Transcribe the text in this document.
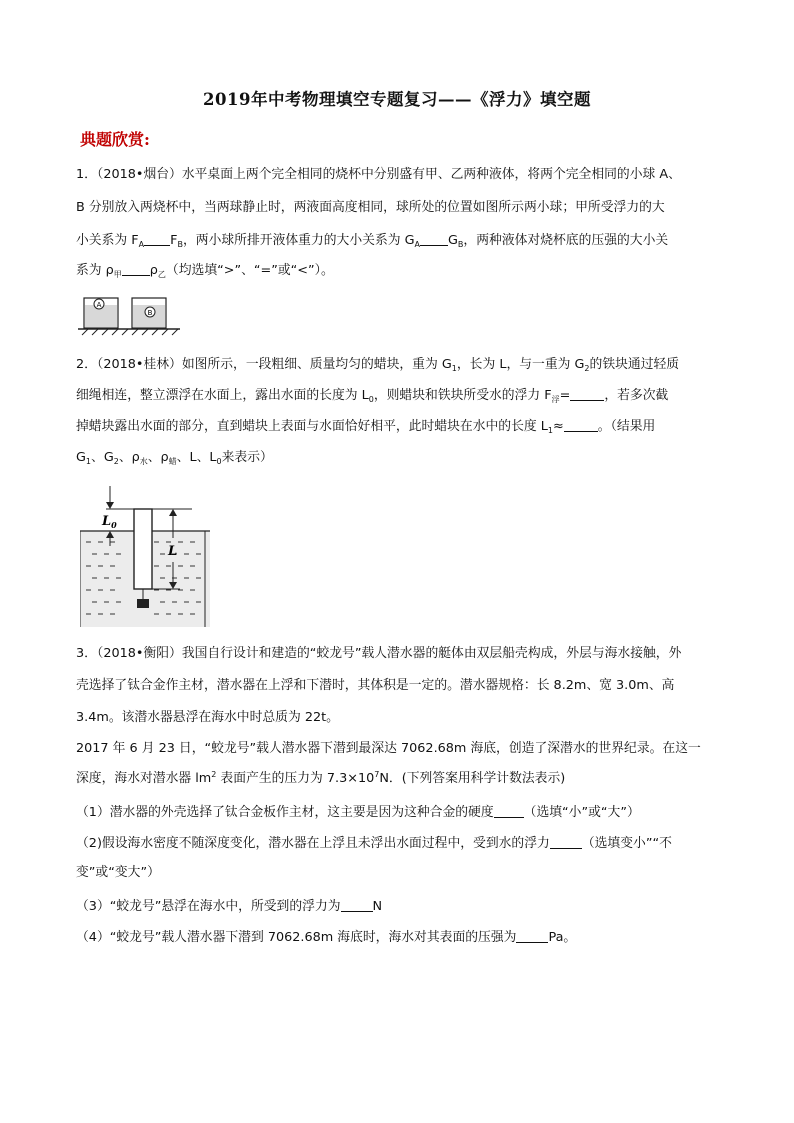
2019年中考物理填空专题复习——《浮力》填空题
典题欣赏:
1．（2018•烟台）水平桌面上两个完全相同的烧杯中分别盛有甲、乙两种液体，将两个完全相同的小球 A、
B 分别放入两烧杯中，当两球静止时，两液面高度相同，球所处的位置如图所示两小球；甲所受浮力的大
小关系为 $F_A$ $F_B$，两小球所排开液体重力的大小关系为 $G_A$ $G_B$，两种液体对烧杯底的压强的大小关
系为 $\rho_甲$ $\rho_乙$（均选填“>”、“=”或“<”）。
A
B
2．（2018•桂林）如图所示，一段粗细、质量均匀的蜡块，重为 $G_1$，长为 L，与一重为 $G_2$的铁块通过轻质
细绳相连，整立漂浮在水面上，露出水面的长度为 $L_0$，则蜡块和铁块所受水的浮力 $F_浮=$	，若多次截
掉蜡块露出水面的部分，直到蜡块上表面与水面恰好相平，此时蜡块在水中的长度 $L_1\approx$	。（结果用
$G_1$、$G_2$、$\rho_水$、$\rho_蜡$、L、$L_0$来表示）
$L_0$
L
3．（2018•衡阳）我国自行设计和建造的“蛟龙号”载人潜水器的艇体由双层船壳构成，外层与海水接触，外
壳选择了钛合金作主材，潜水器在上浮和下潜时，其体积是一定的。潜水器规格：长 8.2m、宽 3.0m、高
3.4m。该潜水器悬浮在海水中时总质为 22t。
2017 年 6 月 23 日，“蛟龙号”载人潜水器下潜到最深达 7062.68m 海底，创造了深潜水的世界纪录。在这一
深度，海水对潜水器 $lm^2$ 表面产生的压力为 $7.3\times 10^7N$．(下列答案用科学计数法表示)
（1）潜水器的外壳选择了钛合金板作主材，这主要是因为这种合金的硬度 （选填“小”或“大”）
（2)假设海水密度不随深度变化，潜水器在上浮且未浮出水面过程中，受到水的浮力	（选填变小”“不
变”或“变大”）
（3）“蛟龙号”悬浮在海水中，所受到的浮力为	N
（4）“蛟龙号”载人潜水器下潜到 7062.68m 海底时，海水对其表面的压强为	Pa。
